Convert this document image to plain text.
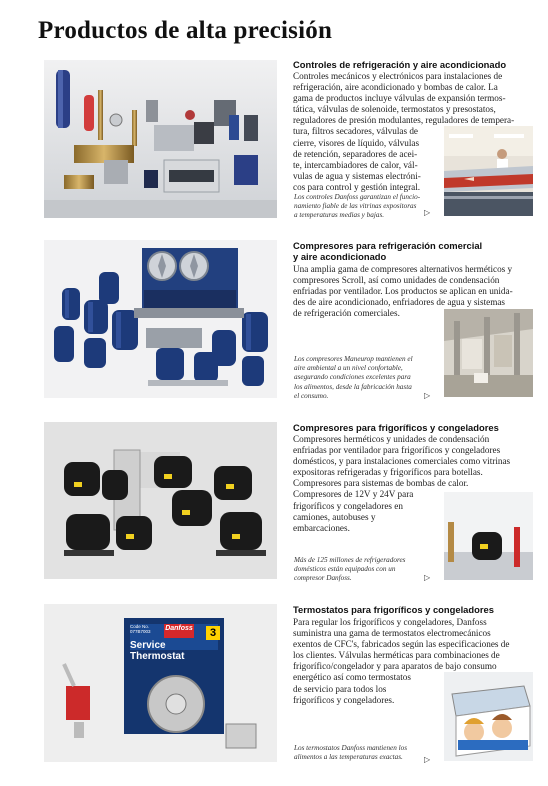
Productos de alta precisión
Controles de refrigeración y aire acondicionado
Controles mecánicos y electrónicos para instalaciones de
refrigeración, aire acondicionado y bombas de calor. La
gama de productos incluye válvulas de expansión termos-
tática, válvulas de solenoide, termostatos y presostatos,
reguladores de presión modulantes, reguladores de tempera-
tura, filtros secadores, válvulas de
cierre, visores de líquido, válvulas
de retención, separadores de acei-
te, intercambiadores de calor, vál-
vulas de agua y sistemas electróni-
cos para control y gestión integral.
Los controles Danfoss garantizan el funcio-
namiento fiable de las vitrinas expositoras
a temperaturas medias y bajas.	▷
Compresores para refrigeración comercial
y aire acondicionado
Una amplia gama de compresores alternativos herméticos y
compresores Scroll, así como unidades de condensación
enfriadas por ventilador. Los productos se aplican en unida-
des de aire acondicionado, enfriadores de agua y sistemas
de refrigeración comerciales.
Los compresores Maneurop mantienen el
aire ambiental a un nivel confortable,
asegurando condiciones excelentes para
los alimentos, desde la fabricación hasta
el consumo.	▷
Compresores para frigoríficos y congeladores
Compresores herméticos y unidades de condensación
enfriadas por ventilador para frigoríficos y congeladores
domésticos, y para instalaciones comerciales como vitrinas
expositoras refrigeradas y frigoríficos para botellas.
Compresores para sistemas de bombas de calor.
Compresores de 12V y 24V para
frigoríficos y congeladores en
camiones, autobuses y
embarcaciones.
Más de 125 millones de refrigeradores
domésticos están equipados con un
compresor Danfoss.	▷
Code No.
077B7003	Danfoss	3
Service Thermostat
Termostatos para frigoríficos y congeladores
Para regular los frigoríficos y congeladores, Danfoss
suministra una gama de termostatos electromecánicos
exentos de CFC's, fabricados según las especificaciones de
los clientes. Válvulas herméticas para combinaciones de
frigorífico/congelador y para aparatos de bajo consumo
energético así como termostatos
de servicio para todos los
frigoríficos y congeladores.
Los termostatos Danfoss mantienen los
alimentos a las temperaturas exactas.	▷
